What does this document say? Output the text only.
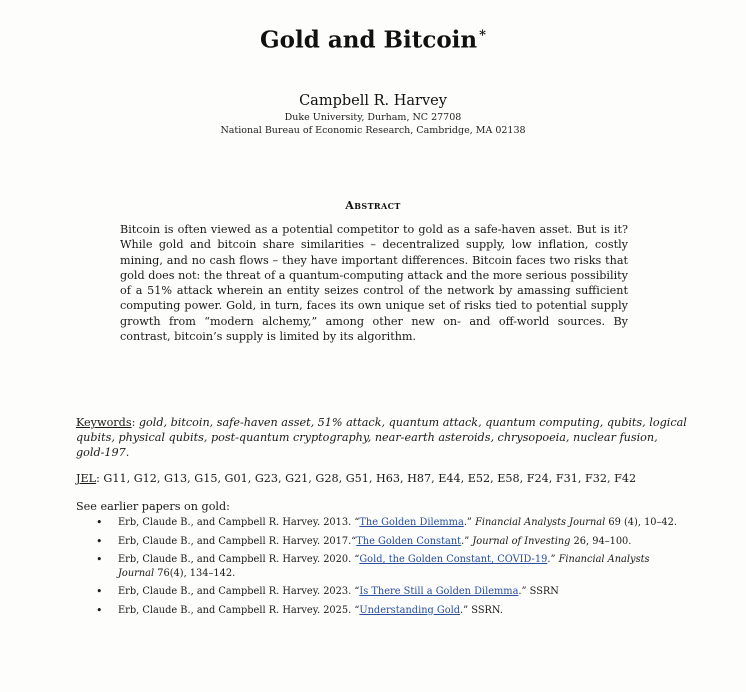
Gold and Bitcoin *
Campbell R. Harvey
Duke University, Durham, NC 27708
National Bureau of Economic Research, Cambridge, MA 02138
Abstract

Bitcoin is often viewed as a potential competitor to gold as a safe-haven asset. But is it? While gold and bitcoin share similarities – decentralized supply, low inflation, costly mining, and no cash flows – they have important differences. Bitcoin faces two risks that gold does not: the threat of a quantum-computing attack and the more serious possibility of a 51% attack wherein an entity seizes control of the network by amassing sufficient computing power. Gold, in turn, faces its own unique set of risks tied to potential supply growth from “modern alchemy,” among other new on- and off-world sources. By contrast, bitcoin’s supply is limited by its algorithm.

Keywords: gold, bitcoin, safe-haven asset, 51% attack, quantum attack, quantum computing, qubits, logical qubits, physical qubits, post-quantum cryptography, near-earth asteroids, chrysopoeia, nuclear fusion, gold-197.

JEL: G11, G12, G13, G15, G01, G23, G21, G28, G51, H63, H87, E44, E52, E58, F24, F31, F32, F42

See earlier papers on gold:

• Erb, Claude B., and Campbell R. Harvey. 2013. “The Golden Dilemma.” Financial Analysts Journal 69 (4), 10–42.
• Erb, Claude B., and Campbell R. Harvey. 2017.“The Golden Constant.” Journal of Investing 26, 94–100.
• Erb, Claude B., and Campbell R. Harvey. 2020. “Gold, the Golden Constant, COVID-19.” Financial Analysts Journal 76(4), 134–142.
• Erb, Claude B., and Campbell R. Harvey. 2023. “Is There Still a Golden Dilemma.” SSRN
• Erb, Claude B., and Campbell R. Harvey. 2025. “Understanding Gold.” SSRN.
